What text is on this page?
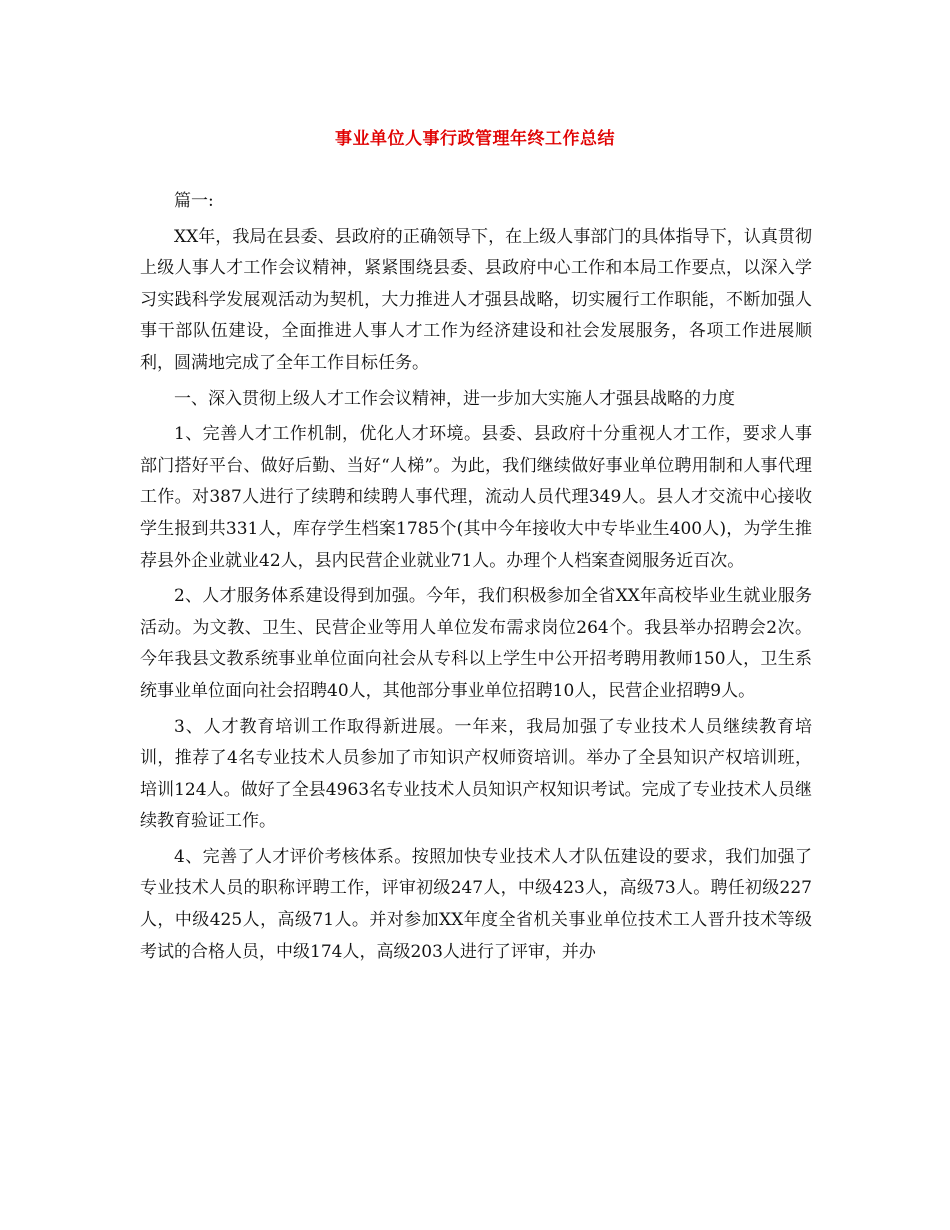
事业单位人事行政管理年终工作总结

篇一:

XX年，我局在县委、县政府的正确领导下，在上级人事部门的具体指导下，认真贯彻上级人事人才工作会议精神，紧紧围绕县委、县政府中心工作和本局工作要点，以深入学习实践科学发展观活动为契机，大力推进人才强县战略，切实履行工作职能，不断加强人事干部队伍建设，全面推进人事人才工作为经济建设和社会发展服务，各项工作进展顺利，圆满地完成了全年工作目标任务。

一、深入贯彻上级人才工作会议精神，进一步加大实施人才强县战略的力度

1、完善人才工作机制，优化人才环境。县委、县政府十分重视人才工作，要求人事部门搭好平台、做好后勤、当好“人梯”。为此，我们继续做好事业单位聘用制和人事代理工作。对387人进行了续聘和续聘人事代理，流动人员代理349人。县人才交流中心接收学生报到共331人，库存学生档案1785个(其中今年接收大中专毕业生400人)，为学生推荐县外企业就业42人，县内民营企业就业71人。办理个人档案查阅服务近百次。

2、人才服务体系建设得到加强。今年，我们积极参加全省XX年高校毕业生就业服务活动。为文教、卫生、民营企业等用人单位发布需求岗位264个。我县举办招聘会2次。今年我县文教系统事业单位面向社会从专科以上学生中公开招考聘用教师150人，卫生系统事业单位面向社会招聘40人，其他部分事业单位招聘10人，民营企业招聘9人。

3、人才教育培训工作取得新进展。一年来，我局加强了专业技术人员继续教育培训，推荐了4名专业技术人员参加了市知识产权师资培训。举办了全县知识产权培训班，培训124人。做好了全县4963名专业技术人员知识产权知识考试。完成了专业技术人员继续教育验证工作。

4、完善了人才评价考核体系。按照加快专业技术人才队伍建设的要求，我们加强了专业技术人员的职称评聘工作，评审初级247人，中级423人，高级73人。聘任初级227人，中级425人，高级71人。并对参加XX年度全省机关事业单位技术工人晋升技术等级考试的合格人员，中级174人，高级203人进行了评审，并办
